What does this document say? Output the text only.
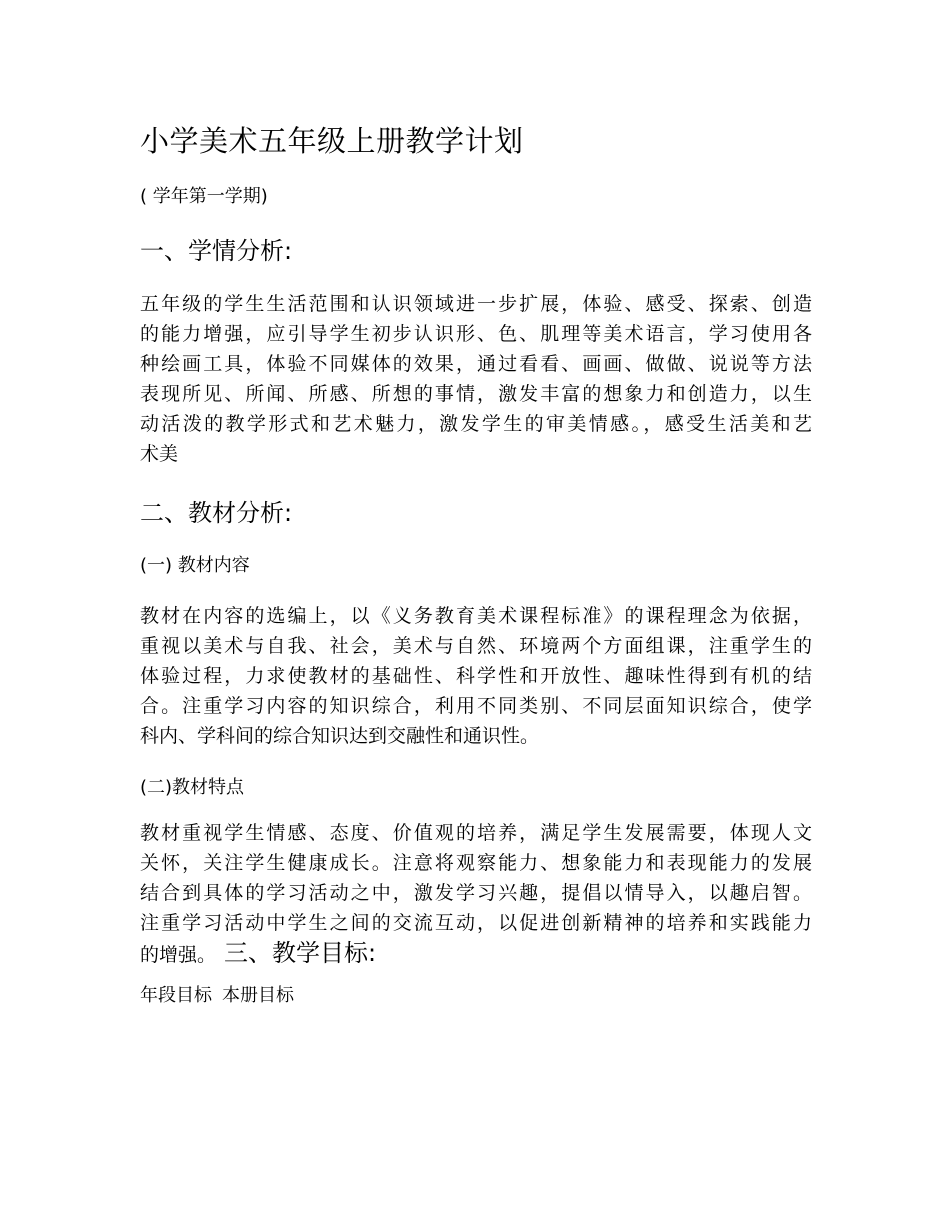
小学美术五年级上册教学计划
( 学年第一学期)
一、学情分析:
五年级的学生生活范围和认识领域进一步扩展，体验、感受、探索、创造
的能力增强，应引导学生初步认识形、色、肌理等美术语言，学习使用各
种绘画工具，体验不同媒体的效果，通过看看、画画、做做、说说等方法
表现所见、所闻、所感、所想的事情，激发丰富的想象力和创造力，以生
动活泼的教学形式和艺术魅力，激发学生的审美情感。，感受生活美和艺
术美
二、教材分析:
(一) 教材内容
教材在内容的选编上，以《义务教育美术课程标准》的课程理念为依据，
重视以美术与自我、社会，美术与自然、环境两个方面组课，注重学生的
体验过程，力求使教材的基础性、科学性和开放性、趣味性得到有机的结
合。注重学习内容的知识综合，利用不同类别、不同层面知识综合，使学
科内、学科间的综合知识达到交融性和通识性。
(二)教材特点
教材重视学生情感、态度、价值观的培养，满足学生发展需要，体现人文
关怀，关注学生健康成长。注意将观察能力、想象能力和表现能力的发展
结合到具体的学习活动之中，激发学习兴趣，提倡以情导入，以趣启智。
注重学习活动中学生之间的交流互动，以促进创新精神的培养和实践能力
的增强。 三、教学目标:
年段目标 本册目标
